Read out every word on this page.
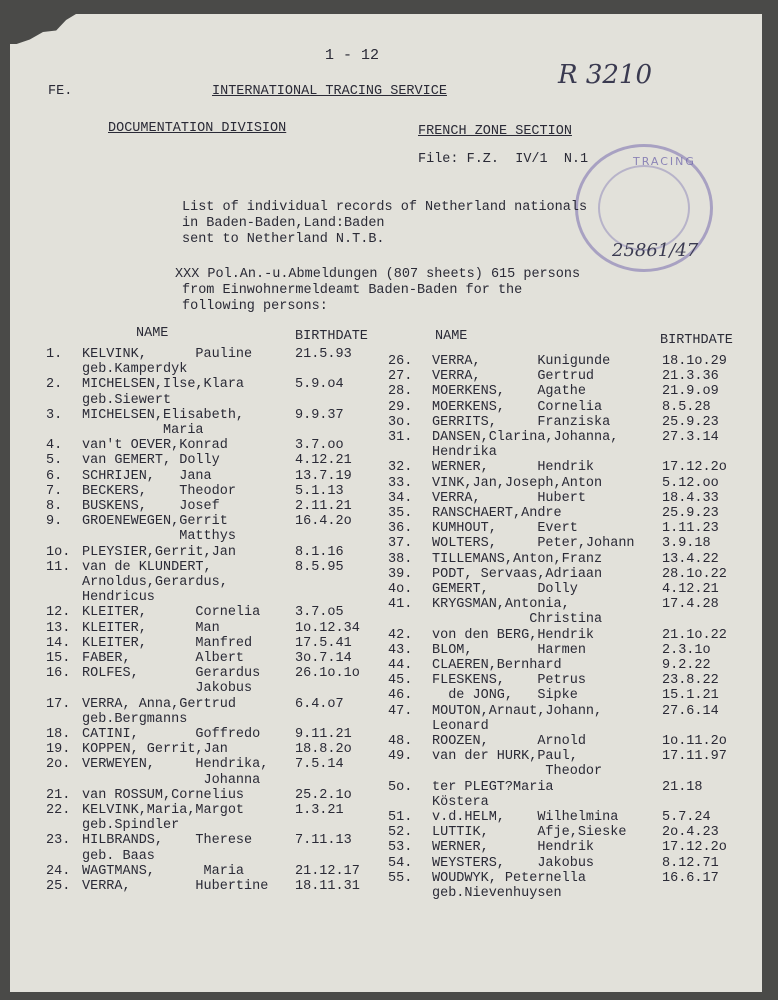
1 - 12
R 3210
FE.	INTERNATIONAL TRACING SERVICE
DOCUMENTATION DIVISION	FRENCH ZONE SECTION
File: F.Z.  IV/1  N.1	TRACING
25861/47
List of individual records of Netherland nationals
in Baden-Baden,Land:Baden
sent to Netherland N.T.B.
XXX Pol.An.-u.Abmeldungen (807 sheets) 615 persons
from Einwohnermeldeamt Baden-Baden for the
following persons:
NAME	BIRTHDATE	NAME	BIRTHDATE
1. KELVINK,      Pauline	21.5.93
geb.Kamperdyk
2. MICHELSEN,Ilse,Klara	5.9.o4
geb.Siewert
3. MICHELSEN,Elisabeth,	9.9.37
Maria
4. van't OEVER,Konrad	3.7.oo
5. van GEMERT, Dolly	4.12.21
6. SCHRIJEN,   Jana	13.7.19
7. BECKERS,    Theodor	5.1.13
8. BUSKENS,    Josef	2.11.21
9. GROENEWEGEN,Gerrit	16.4.2o
Matthys
1o. PLEYSIER,Gerrit,Jan	8.1.16
11. van de KLUNDERT,	8.5.95
Arnoldus,Gerardus,
Hendricus
12. KLEITER,      Cornelia	3.7.o5
13. KLEITER,      Man	1o.12.34
14. KLEITER,      Manfred	17.5.41
15. FABER,        Albert	3o.7.14
16. ROLFES,       Gerardus	26.1o.1o
Jakobus
17. VERRA, Anna,Gertrud	6.4.o7
geb.Bergmanns
18. CATINI,       Goffredo	9.11.21
19. KOPPEN, Gerrit,Jan	18.8.2o
2o. VERWEYEN,     Hendrika, 7.5.14
Johanna
21. van ROSSUM,Cornelius	25.2.1o
22. KELVINK,Maria,Margot	1.3.21
geb.Spindler
23. HILBRANDS,    Therese	7.11.13
geb. Baas
24. WAGTMANS,      Maria	21.12.17
25. VERRA,        Hubertine 18.11.31
26. VERRA,       Kunigunde	18.1o.29
27. VERRA,       Gertrud	21.3.36
28. MOERKENS,    Agathe	21.9.o9
29. MOERKENS,    Cornelia	8.5.28
3o. GERRITS,     Franziska	25.9.23
31. DANSEN,Clarina,Johanna,	27.3.14
Hendrika
32. WERNER,      Hendrik	17.12.2o
33. VINK,Jan,Joseph,Anton	5.12.oo
34. VERRA,       Hubert	18.4.33
35. RANSCHAERT,Andre	25.9.23
36. KUMHOUT,     Evert	1.11.23
37. WOLTERS,     Peter,Johann 3.9.18
38. TILLEMANS,Anton,Franz	13.4.22
39. PODT, Servaas,Adriaan	28.1o.22
4o. GEMERT,      Dolly	4.12.21
41. KRYGSMAN,Antonia,	17.4.28
Christina
42. von den BERG,Hendrik	21.1o.22
43. BLOM,        Harmen	2.3.1o
44. CLAEREN,Bernhard	9.2.22
45. FLESKENS,    Petrus	23.8.22
46. de JONG,   Sipke	15.1.21
47. MOUTON,Arnaut,Johann,	27.6.14
Leonard
48. ROOZEN,      Arnold	1o.11.2o
49. van der HURK,Paul,	17.11.97
Theodor
5o. ter PLEGT?Maria	21.18
Köstera
51. v.d.HELM,    Wilhelmina	5.7.24
52. LUTTIK,      Afje,Sieske	2o.4.23
53. WERNER,      Hendrik	17.12.2o
54. WEYSTERS,    Jakobus	8.12.71
55. WOUDWYK, Peternella	16.6.17
geb.Nievenhuysen
